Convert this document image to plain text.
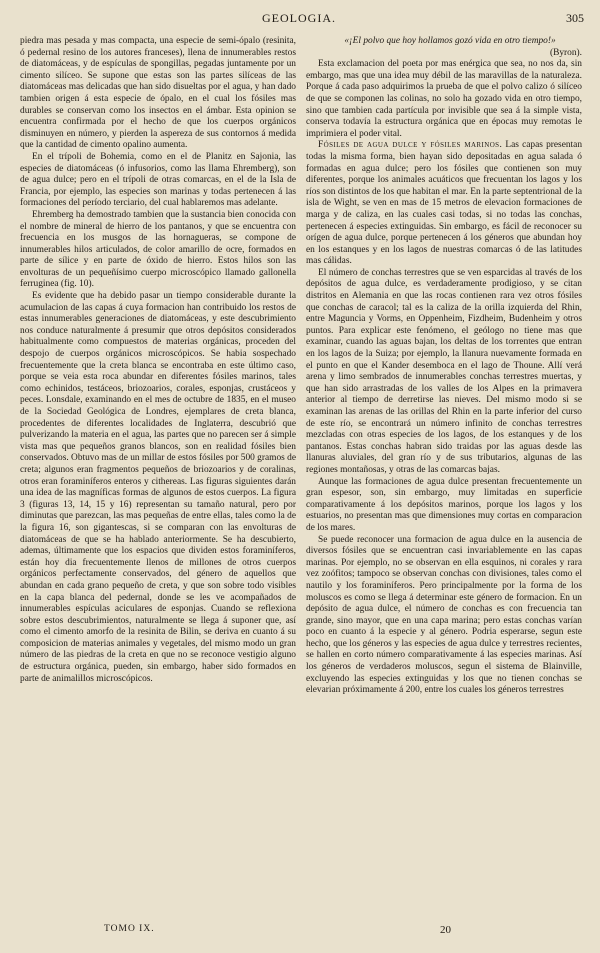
GEOLOGIA.	305

piedra mas pesada y mas compacta, una especie de semi-ópalo (resinita, ó pedernal resino de los autores franceses), llena de innumerables restos de diatomáceas, y de espículas de spongillas, pegadas juntamente por un cimento silíceo. Se supone que estas son las partes silíceas de las diatomáceas mas delicadas que han sido disueltas por el agua, y han dado tambien origen á esta especie de ópalo, en el cual los fósiles mas durables se conservan como los insectos en el ámbar. Esta opinion se encuentra confirmada por el hecho de que los cuerpos orgánicos disminuyen en número, y pierden la aspereza de sus contornos á medida que la cantidad de cimento opalino aumenta.

En el trípoli de Bohemia, como en el de Planitz en Sajonia, las especies de diatomáceas (ó infusorios, como las llama Ehremberg), son de agua dulce; pero en el trípoli de otras comarcas, en el de la Isla de Francia, por ejemplo, las especies son marinas y todas pertenecen á las formaciones del período terciario, del cual hablaremos mas adelante.

Ehremberg ha demostrado tambien que la sustancia bien conocida con el nombre de mineral de hierro de los pantanos, y que se encuentra con frecuencia en los musgos de las hornagueras, se compone de innumerables hilos articulados, de color amarillo de ocre, formados en parte de sílice y en parte de óxido de hierro. Estos hilos son las envolturas de un pequeñísimo cuerpo microscópico llamado gallonella ferruginea (fig. 10).

Es evidente que ha debido pasar un tiempo considerable durante la acumulacion de las capas á cuya formacion han contribuido los restos de estas innumerables generaciones de diatomáceas, y este descubrimiento nos conduce naturalmente á presumir que otros depósitos considerados habitualmente como compuestos de materias orgánicas, proceden del despojo de cuerpos orgánicos microscópicos. Se habia sospechado frecuentemente que la creta blanca se encontraba en este último caso, porque se veia esta roca abundar en diferentes fósiles marinos, tales como echinidos, testáceos, briozoarios, corales, esponjas, crustáceos y peces. Lonsdale, examinando en el mes de octubre de 1835, en el museo de la Sociedad Geológica de Londres, ejemplares de creta blanca, procedentes de diferentes localidades de Inglaterra, descubrió que pulverizando la materia en el agua, las partes que no parecen ser á simple vista mas que pequeños granos blancos, son en realidad fósiles bien conservados. Obtuvo mas de un millar de estos fósiles por 500 gramos de creta; algunos eran fragmentos pequeños de briozoarios y de coralinas, otros eran foraminíferos enteros y cithereas. Las figuras siguientes darán una idea de las magníficas formas de algunos de estos cuerpos. La figura 3 (figuras 13, 14, 15 y 16) representan su tamaño natural, pero por diminutas que parezcan, las mas pequeñas de entre ellas, tales como la de la figura 16, son gigantescas, si se comparan con las envolturas de diatomáceas de que se ha hablado anteriormente. Se ha descubierto, ademas, últimamente que los espacios que dividen estos foraminíferos, están hoy dia frecuentemente llenos de millones de otros cuerpos orgánicos perfectamente conservados, del género de aquellos que abundan en cada grano pequeño de creta, y que son sobre todo visibles en la capa blanca del pedernal, donde se les ve acompañados de innumerables espículas aciculares de esponjas. Cuando se reflexiona sobre estos descubrimientos, naturalmente se llega á suponer que, así como el cimento amorfo de la resinita de Bilin, se deriva en cuanto á su composicion de materias animales y vegetales, del mismo modo un gran número de las piedras de la creta en que no se reconoce vestigio alguno de estructura orgánica, pueden, sin embargo, haber sido formados en parte de animalillos microscópicos.

«¡El polvo que hoy hollamos gozó vida en otro tiempo!»

(Byron).

Esta exclamacion del poeta por mas enérgica que sea, no nos da, sin embargo, mas que una idea muy débil de las maravillas de la naturaleza. Porque á cada paso adquirimos la prueba de que el polvo calizo ó silíceo de que se componen las colinas, no solo ha gozado vida en otro tiempo, sino que tambien cada partícula por invisible que sea á la simple vista, conserva todavía la estructura orgánica que en épocas muy remotas le imprimiera el poder vital.

Fósiles de agua dulce y fósiles marinos. Las capas presentan todas la misma forma, bien hayan sido depositadas en agua salada ó formadas en agua dulce; pero los fósiles que contienen son muy diferentes, porque los animales acuáticos que frecuentan los lagos y los ríos son distintos de los que habitan el mar. En la parte septentrional de la isla de Wight, se ven en mas de 15 metros de elevacion formaciones de marga y de caliza, en las cuales casi todas, si no todas las conchas, pertenecen á especies extinguidas. Sin embargo, es fácil de reconocer su orígen de agua dulce, porque pertenecen á los géneros que abundan hoy en los estanques y en los lagos de nuestras comarcas ó de las latitudes mas cálidas.

El número de conchas terrestres que se ven esparcidas al través de los depósitos de agua dulce, es verdaderamente prodigioso, y se citan distritos en Alemania en que las rocas contienen rara vez otros fósiles que conchas de caracol; tal es la caliza de la orilla izquierda del Rhin, entre Maguncia y Vorms, en Oppenheim, Fizdheim, Budenheim y otros puntos. Para explicar este fenómeno, el geólogo no tiene mas que examinar, cuando las aguas bajan, los deltas de los torrentes que entran en los lagos de la Suiza; por ejemplo, la llanura nuevamente formada en el punto en que el Kander desemboca en el lago de Thoune. Allí verá arena y limo sembrados de innumerables conchas terrestres muertas, y que han sido arrastradas de los valles de los Alpes en la primavera anterior al tiempo de derretirse las nieves. Del mismo modo si se examinan las arenas de las orillas del Rhin en la parte inferior del curso de este río, se encontrará un número infinito de conchas terrestres mezcladas con otras especies de los lagos, de los estanques y de los pantanos. Estas conchas habran sido traidas por las aguas desde las llanuras aluviales, del gran río y de sus tributarios, algunas de las regiones montañosas, y otras de las comarcas bajas.

Aunque las formaciones de agua dulce presentan frecuentemente un gran espesor, son, sin embargo, muy limitadas en superficie comparativamente á los depósitos marinos, porque los lagos y los estuarios, no presentan mas que dimensiones muy cortas en comparacion de los mares.

Se puede reconocer una formacion de agua dulce en la ausencia de diversos fósiles que se encuentran casi invariablemente en las capas marinas. Por ejemplo, no se observan en ella esquinos, ni corales y rara vez zoófitos; tampoco se observan conchas con divisiones, tales como el nautilo y los foraminíferos. Pero principalmente por la forma de los moluscos es como se llega á determinar este género de formacion. En un depósito de agua dulce, el número de conchas es con frecuencia tan grande, sino mayor, que en una capa marina; pero estas conchas varían poco en cuanto á la especie y al género. Podria esperarse, segun este hecho, que los géneros y las especies de agua dulce y terrestres recientes, se hallen en corto número comparativamente á las especies marinas. Así los géneros de verdaderos moluscos, segun el sistema de Blainville, excluyendo las especies extinguidas y los que no tienen conchas se elevarian próximamente á 200, entre los cuales los géneros terrestres

TOMO IX.	20
